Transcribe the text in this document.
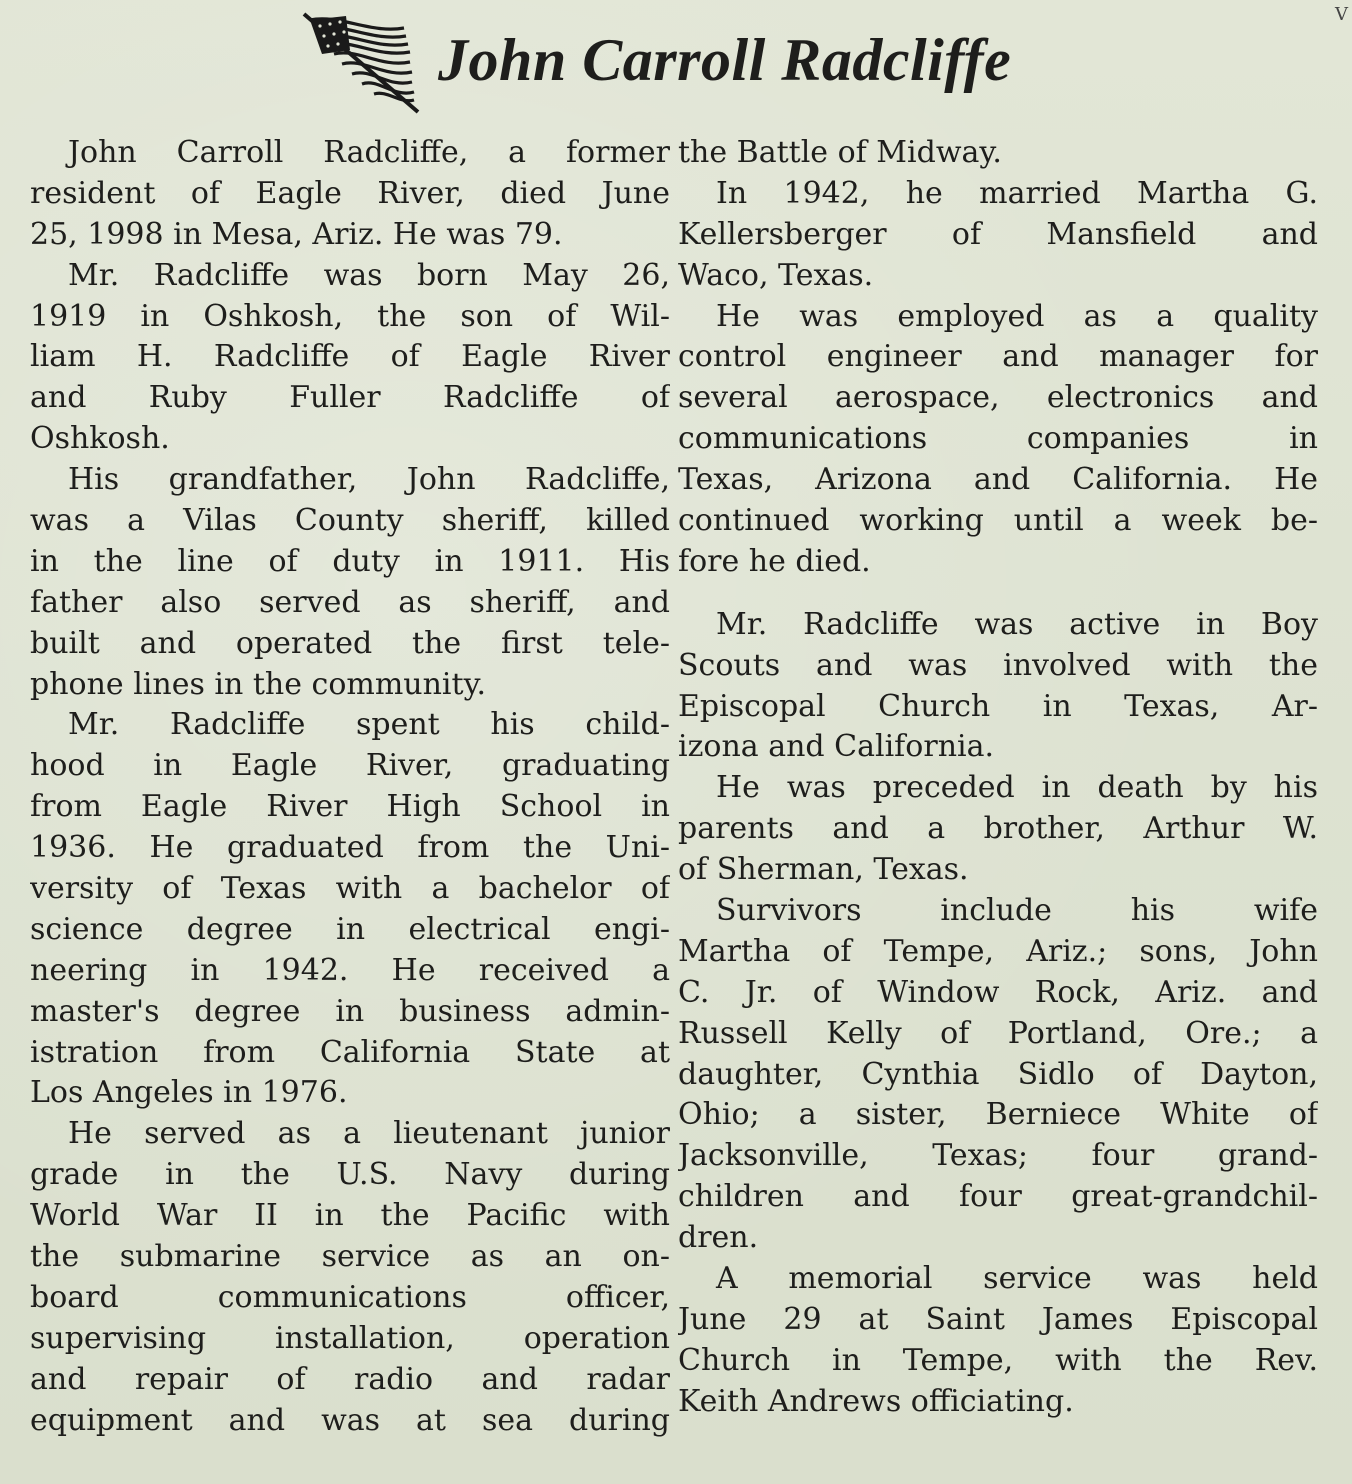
John Carroll Radcliffe
John Carroll Radcliffe, a former
resident of Eagle River, died June
25, 1998 in Mesa, Ariz. He was 79.
Mr. Radcliffe was born May 26,
1919 in Oshkosh, the son of Wil-
liam H. Radcliffe of Eagle River
and Ruby Fuller Radcliffe of
Oshkosh.
His grandfather, John Radcliffe,
was a Vilas County sheriff, killed
in the line of duty in 1911. His
father also served as sheriff, and
built and operated the first tele-
phone lines in the community.
Mr. Radcliffe spent his child-
hood in Eagle River, graduating
from Eagle River High School in
1936. He graduated from the Uni-
versity of Texas with a bachelor of
science degree in electrical engi-
neering in 1942. He received a
master's degree in business admin-
istration from California State at
Los Angeles in 1976.
He served as a lieutenant junior
grade in the U.S. Navy during
World War II in the Pacific with
the submarine service as an on-
board communications officer,
supervising installation, operation
and repair of radio and radar
equipment and was at sea during
the Battle of Midway.
In 1942, he married Martha G.
Kellersberger of Mansfield and
Waco, Texas.
He was employed as a quality
control engineer and manager for
several aerospace, electronics and
communications companies in
Texas, Arizona and California. He
continued working until a week be-
fore he died.
Mr. Radcliffe was active in Boy
Scouts and was involved with the
Episcopal Church in Texas, Ar-
izona and California.
He was preceded in death by his
parents and a brother, Arthur W.
of Sherman, Texas.
Survivors include his wife
Martha of Tempe, Ariz.; sons, John
C. Jr. of Window Rock, Ariz. and
Russell Kelly of Portland, Ore.; a
daughter, Cynthia Sidlo of Dayton,
Ohio; a sister, Berniece White of
Jacksonville, Texas; four grand-
children and four great-grandchil-
dren.
A memorial service was held
June 29 at Saint James Episcopal
Church in Tempe, with the Rev.
Keith Andrews officiating.
V
